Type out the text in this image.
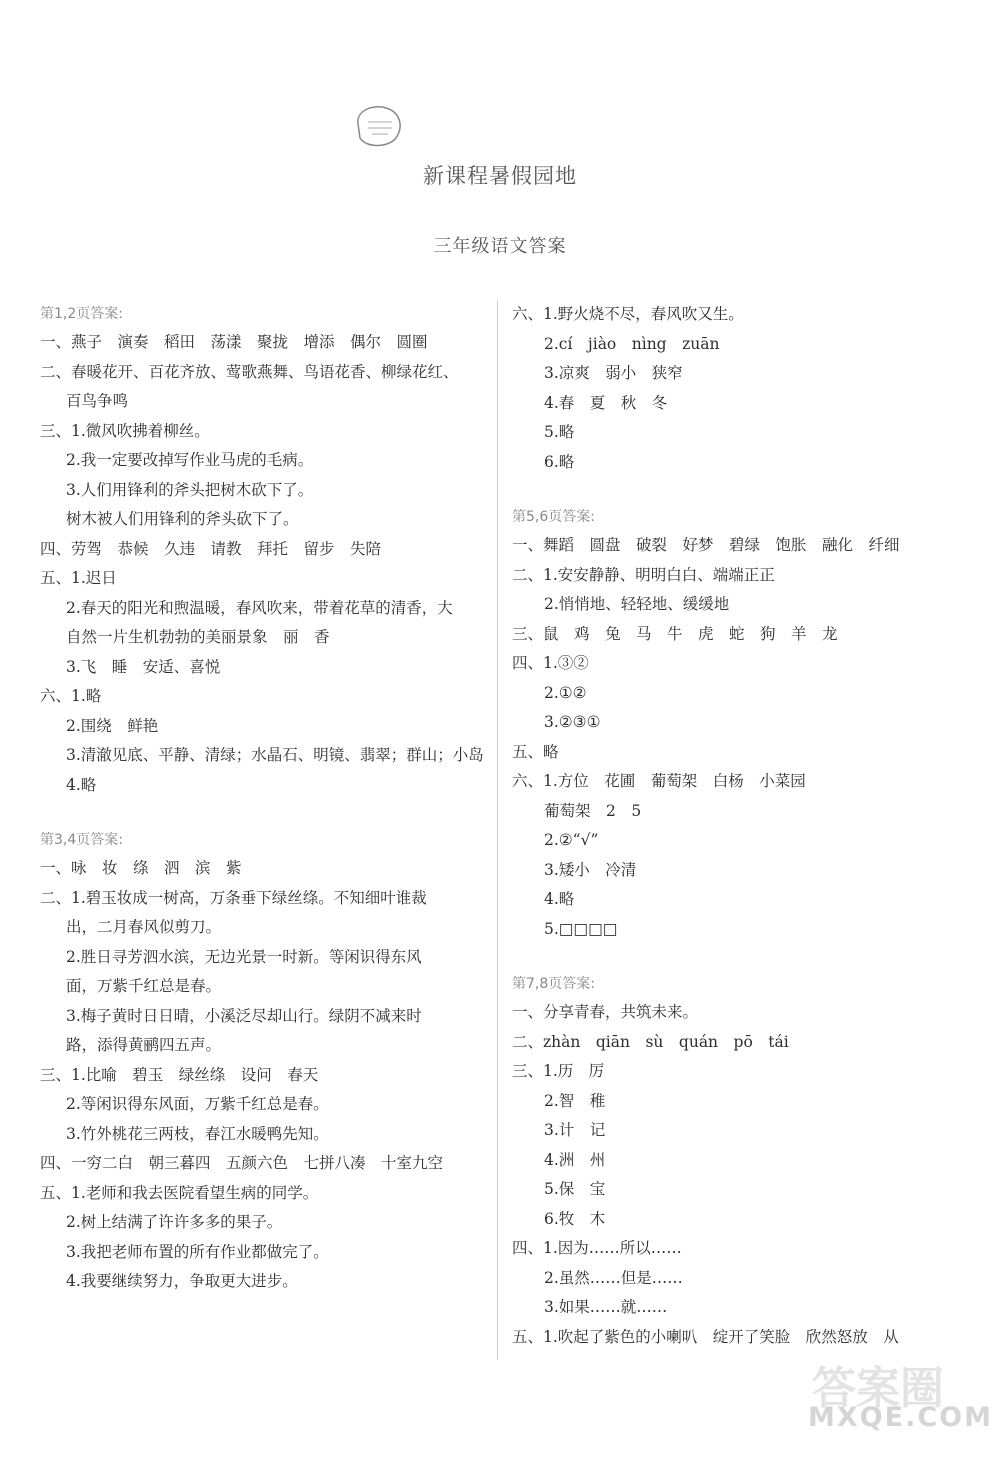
新课程暑假园地
三年级语文答案
第1,2页答案:
一、燕子　演奏　稻田　荡漾　聚拢　增添　偶尔　圆圈
二、春暖花开、百花齐放、莺歌燕舞、鸟语花香、柳绿花红、
百鸟争鸣
三、1.微风吹拂着柳丝。
2.我一定要改掉写作业马虎的毛病。
3.人们用锋利的斧头把树木砍下了。
树木被人们用锋利的斧头砍下了。
四、劳驾　恭候　久违　请教　拜托　留步　失陪
五、1.迟日
2.春天的阳光和煦温暖，春风吹来，带着花草的清香，大
自然一片生机勃勃的美丽景象　丽　香
3.飞　睡　安适、喜悦
六、1.略
2.围绕　鲜艳
3.清澈见底、平静、清绿；水晶石、明镜、翡翠；群山；小岛
4.略
第3,4页答案:
一、咏　妆　绦　泗　滨　紫
二、1.碧玉妆成一树高，万条垂下绿丝绦。不知细叶谁裁
出，二月春风似剪刀。
2.胜日寻芳泗水滨，无边光景一时新。等闲识得东风
面，万紫千红总是春。
3.梅子黄时日日晴，小溪泛尽却山行。绿阴不减来时
路，添得黄鹂四五声。
三、1.比喻　碧玉　绿丝绦　设问　春天
2.等闲识得东风面，万紫千红总是春。
3.竹外桃花三两枝，春江水暖鸭先知。
四、一穷二白　朝三暮四　五颜六色　七拼八凑　十室九空
五、1.老师和我去医院看望生病的同学。
2.树上结满了许许多多的果子。
3.我把老师布置的所有作业都做完了。
4.我要继续努力，争取更大进步。
六、1.野火烧不尽，春风吹又生。
2.cí　jiào　nìng　zuān
3.凉爽　弱小　狭窄
4.春　夏　秋　冬
5.略
6.略
第5,6页答案:
一、舞蹈　圆盘　破裂　好梦　碧绿　饱胀　融化　纤细
二、1.安安静静、明明白白、端端正正
2.悄悄地、轻轻地、缓缓地
三、鼠　鸡　兔　马　牛　虎　蛇　狗　羊　龙
四、1.③②
2.①②
3.②③①
五、略
六、1.方位　花圃　葡萄架　白杨　小菜园
葡萄架　2　5
2.②“√”
3.矮小　冷清
4.略
5.□□□□
第7,8页答案:
一、分享青春，共筑未来。
二、zhàn　qiān　sù　quán　pō　tái
三、1.历　厉
2.智　稚
3.计　记
4.洲　州
5.保　宝
6.牧　木
四、1.因为……所以……
2.虽然……但是……
3.如果……就……
五、1.吹起了紫色的小喇叭　绽开了笑脸　欣然怒放　从
答案圈
MXQE.COM
